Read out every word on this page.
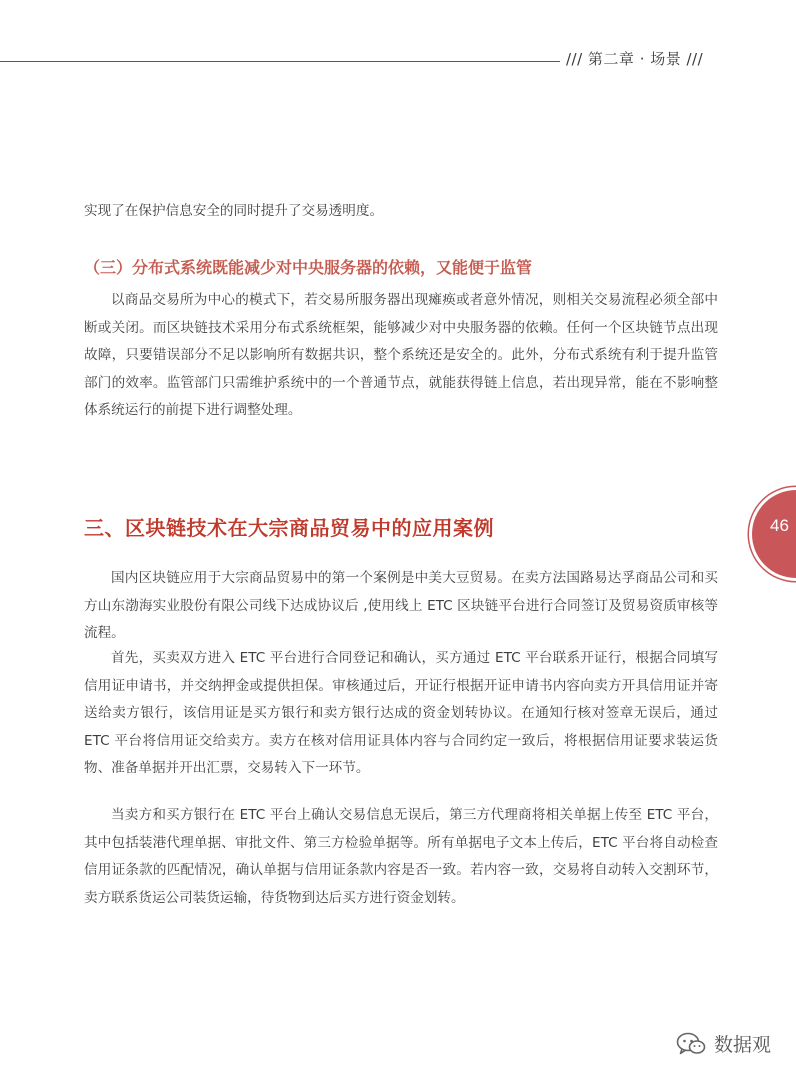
/// 第二章 · 场景 ///

实现了在保护信息安全的同时提升了交易透明度。

（三）分布式系统既能减少对中央服务器的依赖，又能便于监管

以商品交易所为中心的模式下，若交易所服务器出现瘫痪或者意外情况，则相关交易流程必须全部中断或关闭。而区块链技术采用分布式系统框架，能够减少对中央服务器的依赖。任何一个区块链节点出现故障，只要错误部分不足以影响所有数据共识，整个系统还是安全的。此外，分布式系统有利于提升监管部门的效率。监管部门只需维护系统中的一个普通节点，就能获得链上信息，若出现异常，能在不影响整体系统运行的前提下进行调整处理。

三、区块链技术在大宗商品贸易中的应用案例	46

国内区块链应用于大宗商品贸易中的第一个案例是中美大豆贸易。在卖方法国路易达孚商品公司和买方山东渤海实业股份有限公司线下达成协议后 ,使用线上 ETC 区块链平台进行合同签订及贸易资质审核等流程。

首先，买卖双方进入 ETC 平台进行合同登记和确认，买方通过 ETC 平台联系开证行，根据合同填写信用证申请书，并交纳押金或提供担保。审核通过后，开证行根据开证申请书内容向卖方开具信用证并寄送给卖方银行，该信用证是买方银行和卖方银行达成的资金划转协议。在通知行核对签章无误后，通过 ETC 平台将信用证交给卖方。卖方在核对信用证具体内容与合同约定一致后，将根据信用证要求装运货物、准备单据并开出汇票，交易转入下一环节。

当卖方和买方银行在 ETC 平台上确认交易信息无误后，第三方代理商将相关单据上传至 ETC 平台，其中包括装港代理单据、审批文件、第三方检验单据等。所有单据电子文本上传后，ETC 平台将自动检查信用证条款的匹配情况，确认单据与信用证条款内容是否一致。若内容一致，交易将自动转入交割环节，卖方联系货运公司装货运输，待货物到达后买方进行资金划转。

数据观
